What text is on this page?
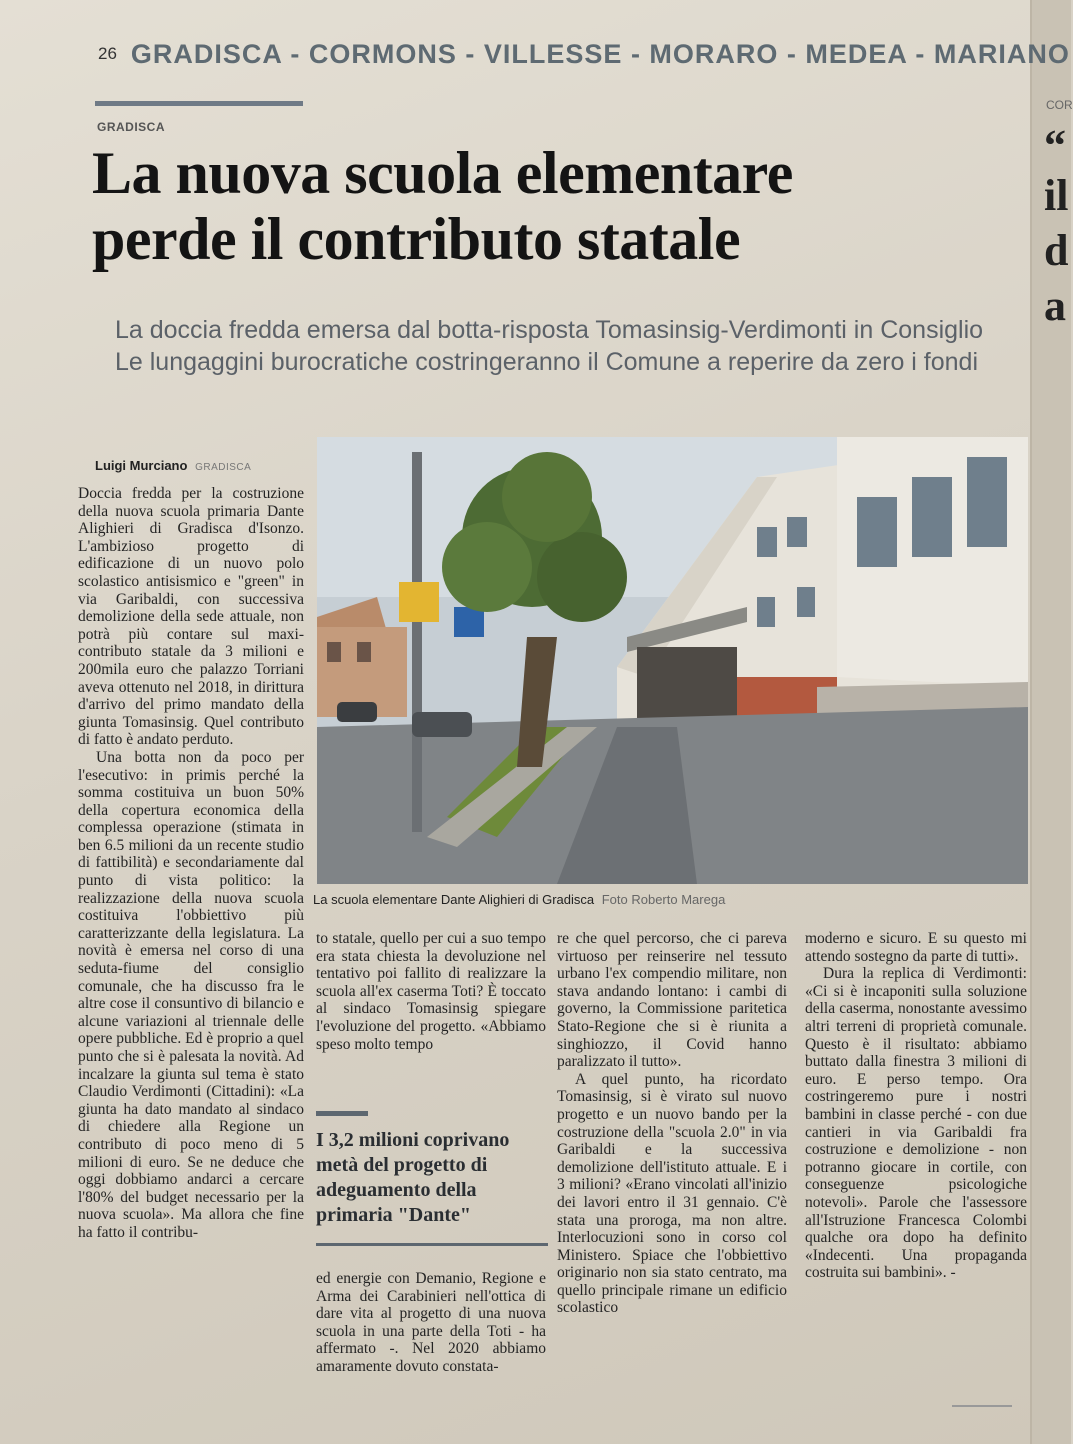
COR
“
il
d
a
26 GRADISCA - CORMONS - VILLESSE - MORARO - MEDEA - MARIANO
GRADISCA
La nuova scuola elementare
perde il contributo statale
La doccia fredda emersa dal botta-risposta Tomasinsig-Verdimonti in Consiglio
Le lungaggini burocratiche costringeranno il Comune a reperire da zero i fondi
Luigi Murciano GRADISCA

Doccia fredda per la costruzione della nuova scuola primaria Dante Alighieri di Gradisca d'Isonzo. L'ambizioso progetto di edificazione di un nuovo polo scolastico antisismico e "green" in via Garibaldi, con successiva demolizione della sede attuale, non potrà più contare sul maxi-contributo statale da 3 milioni e 200mila euro che palazzo Torriani aveva ottenuto nel 2018, in dirittura d'arrivo del primo mandato della giunta Tomasinsig. Quel contributo di fatto è andato perduto.

Una botta non da poco per l'esecutivo: in primis perché la somma costituiva un buon 50% della copertura economica della complessa operazione (stimata in ben 6.5 milioni da un recente studio di fattibilità) e secondariamente dal punto di vista politico: la realizzazione della nuova scuola costituiva l'obbiettivo più caratterizzante della legislatura. La novità è emersa nel corso di una seduta-fiume del consiglio comunale, che ha discusso fra le altre cose il consuntivo di bilancio e alcune variazioni al triennale delle opere pubbliche. Ed è proprio a quel punto che si è palesata la novità. Ad incalzare la giunta sul tema è stato Claudio Verdimonti (Cittadini): «La giunta ha dato mandato al sindaco di chiedere alla Regione un contributo di poco meno di 5 milioni di euro. Se ne deduce che oggi dobbiamo andarci a cercare l'80% del budget necessario per la nuova scuola». Ma allora che fine ha fatto il contribu-

La scuola elementare Dante Alighieri di Gradisca Foto Roberto Marega

to statale, quello per cui a suo tempo era stata chiesta la devoluzione nel tentativo poi fallito di realizzare la scuola all'ex caserma Toti? È toccato al sindaco Tomasinsig spiegare l'evoluzione del progetto. «Abbiamo speso molto tempo

I 3,2 milioni coprivano metà del progetto di adeguamento della primaria "Dante"

ed energie con Demanio, Regione e Arma dei Carabinieri nell'ottica di dare vita al progetto di una nuova scuola in una parte della Toti - ha affermato -. Nel 2020 abbiamo amaramente dovuto constata-

re che quel percorso, che ci pareva virtuoso per reinserire nel tessuto urbano l'ex compendio militare, non stava andando lontano: i cambi di governo, la Commissione paritetica Stato-Regione che si è riunita a singhiozzo, il Covid hanno paralizzato il tutto».

A quel punto, ha ricordato Tomasinsig, si è virato sul nuovo progetto e un nuovo bando per la costruzione della "scuola 2.0" in via Garibaldi e la successiva demolizione dell'istituto attuale. E i 3 milioni? «Erano vincolati all'inizio dei lavori entro il 31 gennaio. C'è stata una proroga, ma non altre. Interlocuzioni sono in corso col Ministero. Spiace che l'obbiettivo originario non sia stato centrato, ma quello principale rimane un edificio scolastico

moderno e sicuro. E su questo mi attendo sostegno da parte di tutti».

Dura la replica di Verdimonti: «Ci si è incaponiti sulla soluzione della caserma, nonostante avessimo altri terreni di proprietà comunale. Questo è il risultato: abbiamo buttato dalla finestra 3 milioni di euro. E perso tempo. Ora costringeremo pure i nostri bambini in classe perché - con due cantieri in via Garibaldi fra costruzione e demolizione - non potranno giocare in cortile, con conseguenze psicologiche notevoli». Parole che l'assessore all'Istruzione Francesca Colombi qualche ora dopo ha definito «Indecenti. Una propaganda costruita sui bambini». -
